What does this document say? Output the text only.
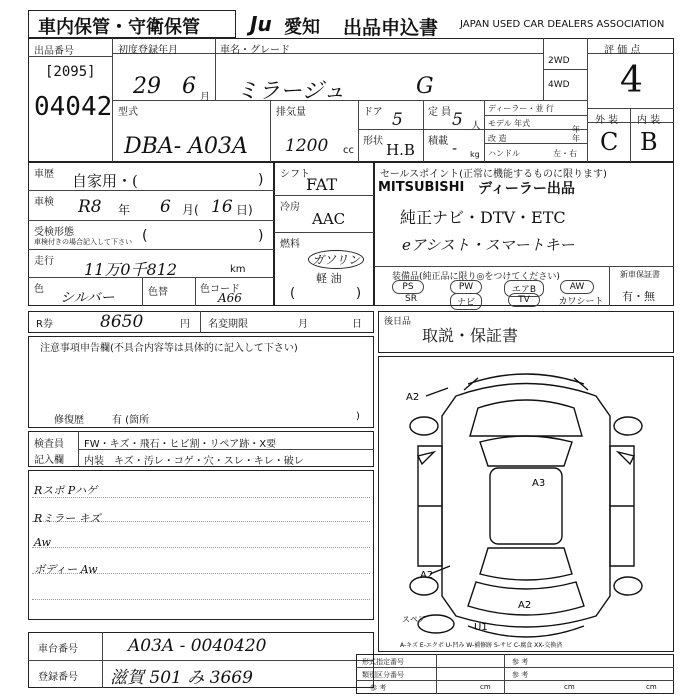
車内保管・守衛保管	Ju 愛知 出品申込書 JAPAN USED CAR DEALERS ASSOCIATION
出品番号
[2095]
04042
初度登録年月
29 6 月
車名・グレード
ミラージュ	G
2WD
4WD
評 価 点
4
型式
DBA- A03A
排気量
1200 cc
ドア 5	定 員 5 人
ディーラー・並 行
モデル 年式
年
形状 H.B 積載 - kg
改 造	年
ハンドル	左・右
外 装 内 装
C B
車歴 自家用・(	)
車検 R8 年 6 月( 16 日)
受検形態
車検付きの場合記入して下さい (	)
走行 11万0千812	km
色
シルバー	色替	色コード
A66
シフト
FAT
冷房
AAC
燃料
ガソリン
軽 油
(	)
セールスポイント(正常に機能するものに限ります)
MITSUBISHI ディーラー出品
純正ナビ・DTV・ETC
eアシスト・スマートキー
装備品(純正品に限り◎をつけてください)
PS	PW	エアB	AW
SR	ナビ	TV	カワシート
新車保証書
有・無
R券	8650	円 名変期限	月	日 後日品
取説・保証書
注意事項申告欄(不具合内容等は具体的に記入して下さい)
修復歴	有 (箇所	)
検査員
記入欄
FW・キズ・飛石・ヒビ割・リペア跡・X要
内装 キズ・汚レ・コゲ・穴・スレ・キレ・破レ
Rスポ Pハゲ
Rミラー キズ
Aw
ボディー Aw
A2
A3
A2
A2
U1
スペア
A-キズ E-エクボ U-凹み W-補修跡 S-サビ C-腐食 XX-交換済
車台番号	A03A - 0040420
登録番号 滋賀 501 み 3669
形式指定番号
類別区分番号
参 考
参 考
参 考
cm	cm	cm
